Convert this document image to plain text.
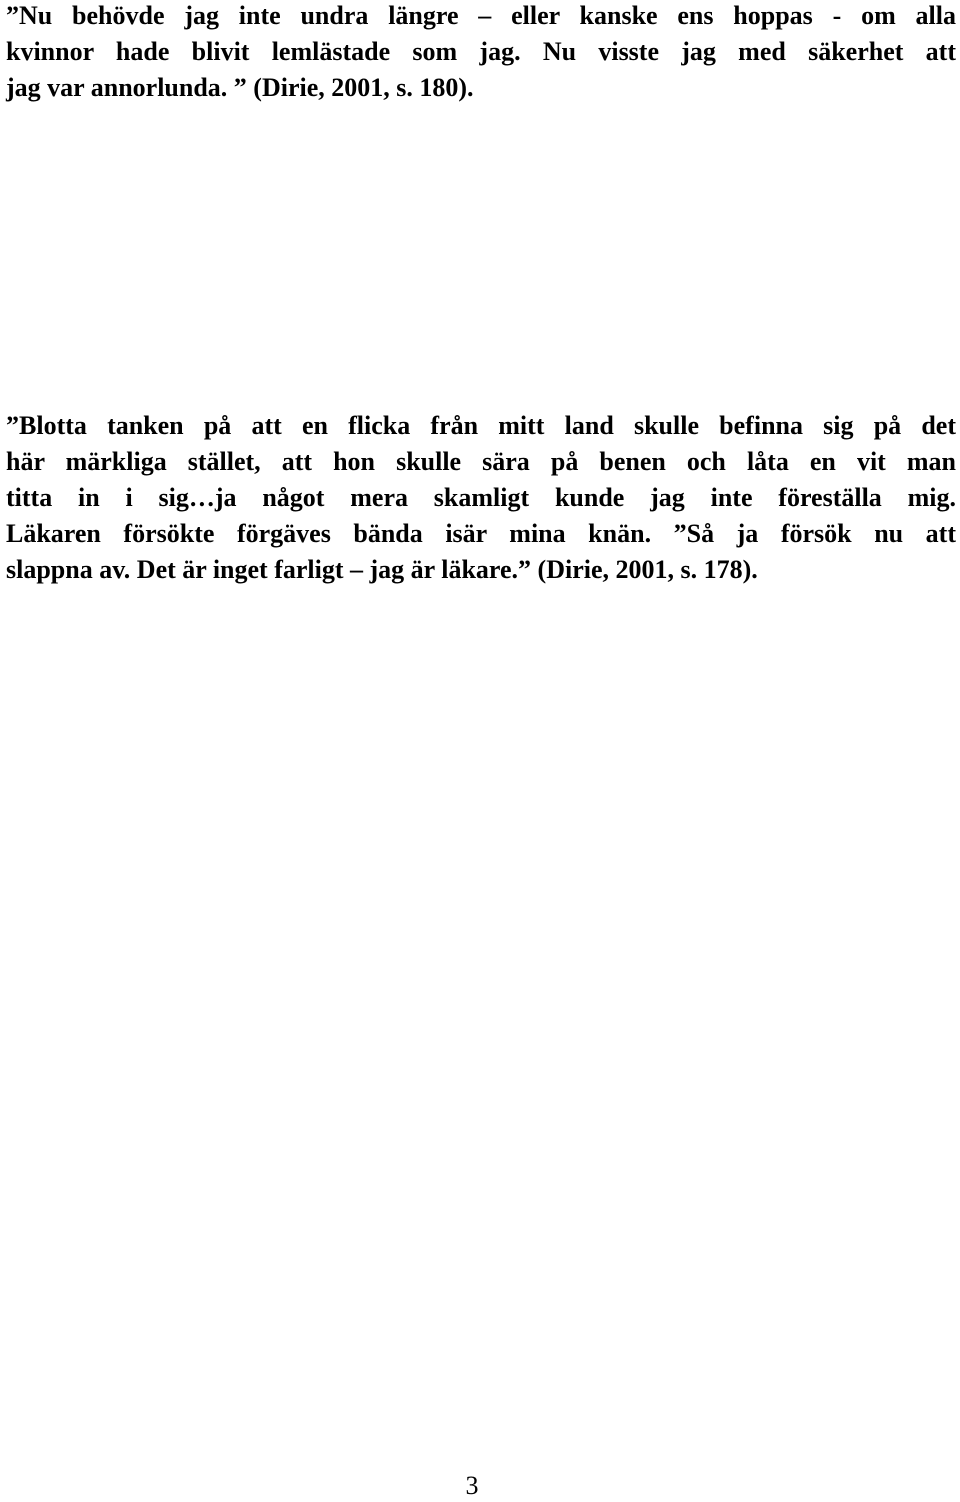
”Nu behövde jag inte undra längre – eller kanske ens hoppas - om alla
kvinnor hade blivit lemlästade som jag. Nu visste jag med säkerhet att
jag var annorlunda. ” (Dirie, 2001, s. 180).
”Blotta tanken på att en flicka från mitt land skulle befinna sig på det
här märkliga stället, att hon skulle sära på benen och låta en vit man
titta in i sig…ja något mera skamligt kunde jag inte föreställa mig.
Läkaren försökte förgäves bända isär mina knän. ”Så ja försök nu att
slappna av. Det är inget farligt – jag är läkare.” (Dirie, 2001, s. 178).
3
